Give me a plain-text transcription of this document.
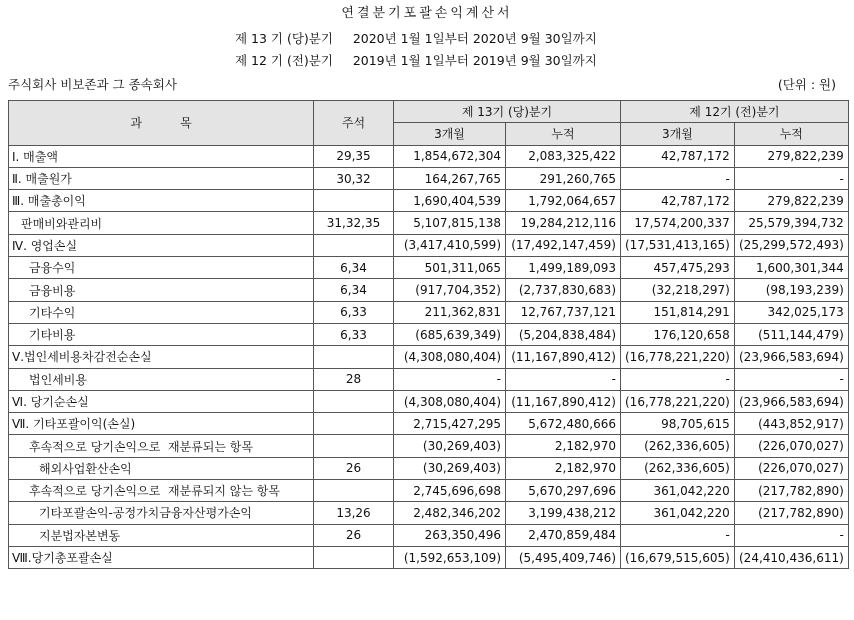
연결분기포괄손익계산서
제 13 기 (당)분기     2020년 1월 1일부터 2020년 9월 30일까지
제 12 기 (전)분기     2019년 1월 1일부터 2019년 9월 30일까지
주식회사 비보존과 그 종속회사	(단위 : 원)
과          목	주석	제 13기 (당)분기		제 12기 (전)분기	
		3개월	누적	3개월	누적
Ⅰ. 매출액	29,35	1,854,672,304	2,083,325,422	42,787,172	279,822,239
Ⅱ. 매출원가	30,32	164,267,765	291,260,765	-	-
Ⅲ. 매출총이익		1,690,404,539	1,792,064,657	42,787,172	279,822,239
판매비와관리비	31,32,35	5,107,815,138	19,284,212,116	17,574,200,337	25,579,394,732
Ⅳ. 영업손실		(3,417,410,599)	(17,492,147,459)	(17,531,413,165)	(25,299,572,493)
금융수익	6,34	501,311,065	1,499,189,093	457,475,293	1,600,301,344
금융비용	6,34	(917,704,352)	(2,737,830,683)	(32,218,297)	(98,193,239)
기타수익	6,33	211,362,831	12,767,737,121	151,814,291	342,025,173
기타비용	6,33	(685,639,349)	(5,204,838,484)	176,120,658	(511,144,479)
Ⅴ.법인세비용차감전순손실		(4,308,080,404)	(11,167,890,412)	(16,778,221,220)	(23,966,583,694)
법인세비용	28	-	-	-	-
Ⅵ. 당기순손실		(4,308,080,404)	(11,167,890,412)	(16,778,221,220)	(23,966,583,694)
Ⅶ. 기타포괄이익(손실)		2,715,427,295	5,672,480,666	98,705,615	(443,852,917)
후속적으로 당기손익으로  재분류되는 항목		(30,269,403)	2,182,970	(262,336,605)	(226,070,027)
해외사업환산손익	26	(30,269,403)	2,182,970	(262,336,605)	(226,070,027)
후속적으로 당기손익으로  재분류되지 않는 항목		2,745,696,698	5,670,297,696	361,042,220	(217,782,890)
기타포괄손익-공정가치금융자산평가손익	13,26	2,482,346,202	3,199,438,212	361,042,220	(217,782,890)
지분법자본변동	26	263,350,496	2,470,859,484	-	-
Ⅷ.당기총포괄손실		(1,592,653,109)	(5,495,409,746)	(16,679,515,605)	(24,410,436,611)
